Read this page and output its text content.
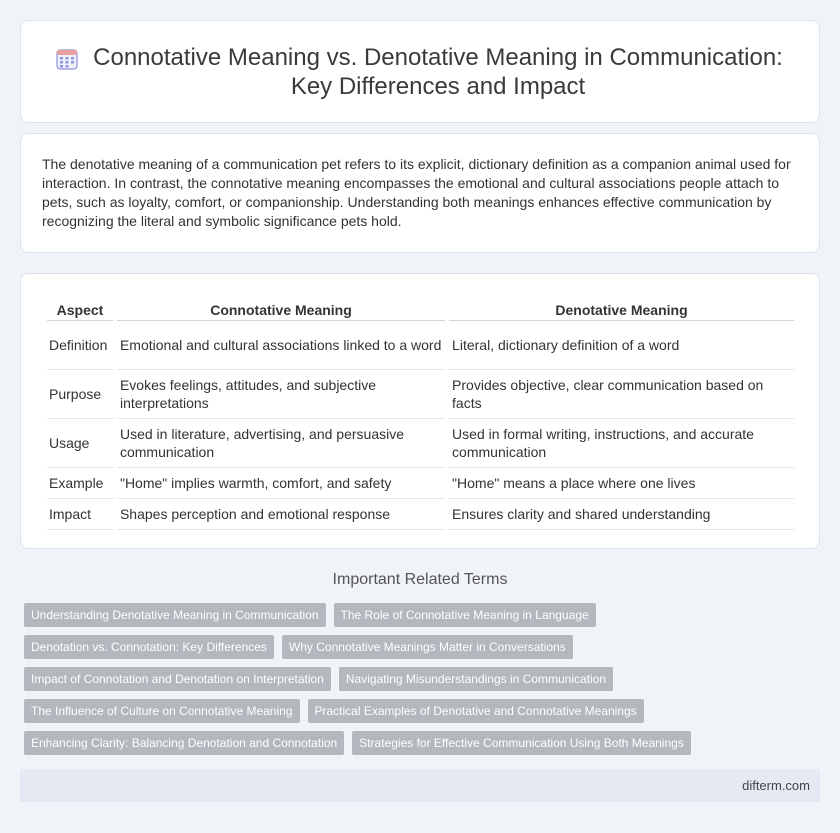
Connotative Meaning vs. Denotative Meaning in Communication: Key Differences and Impact

The denotative meaning of a communication pet refers to its explicit, dictionary definition as a companion animal used for interaction. In contrast, the connotative meaning encompasses the emotional and cultural associations people attach to pets, such as loyalty, comfort, or companionship. Understanding both meanings enhances effective communication by recognizing the literal and symbolic significance pets hold.

Aspect	Connotative Meaning	Denotative Meaning
Definition	Emotional and cultural associations linked to a word	Literal, dictionary definition of a word
Purpose	Evokes feelings, attitudes, and subjective interpretations	Provides objective, clear communication based on facts
Usage	Used in literature, advertising, and persuasive communication	Used in formal writing, instructions, and accurate communication
Example	"Home" implies warmth, comfort, and safety	"Home" means a place where one lives
Impact	Shapes perception and emotional response	Ensures clarity and shared understanding
Important Related Terms
Understanding Denotative Meaning in Communication	The Role of Connotative Meaning in Language
Denotation vs. Connotation: Key Differences	Why Connotative Meanings Matter in Conversations
Impact of Connotation and Denotation on Interpretation	Navigating Misunderstandings in Communication
The Influence of Culture on Connotative Meaning	Practical Examples of Denotative and Connotative Meanings
Enhancing Clarity: Balancing Denotation and Connotation	Strategies for Effective Communication Using Both Meanings
difterm.com
